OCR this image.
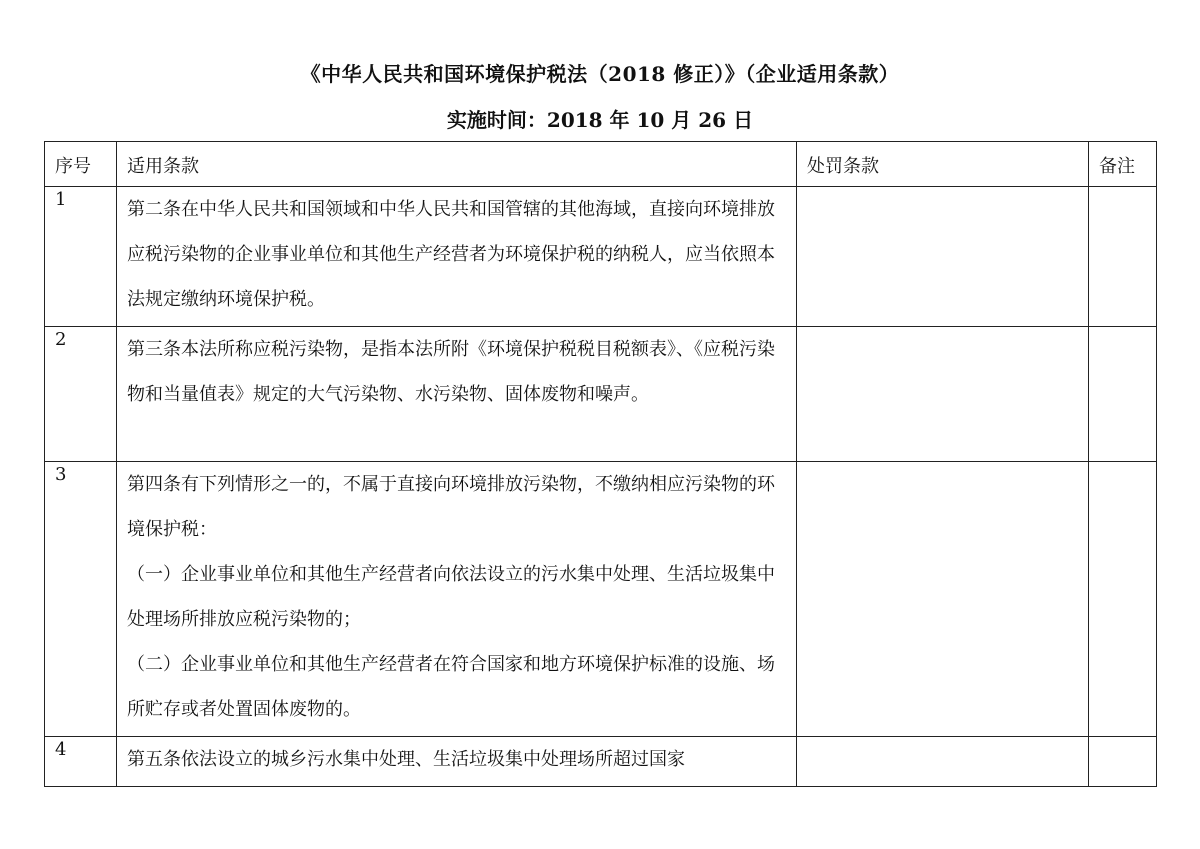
《中华人民共和国环境保护税法（2018 修正）》（企业适用条款）
实施时间：2018 年 10 月 26 日
序号	适用条款	处罚条款	备注

1	第二条在中华人民共和国领域和中华人民共和国管辖的其他海域，直接向环境排放应税污染物的企业事业单位和其他生产经营者为环境保护税的纳税人，应当依照本法规定缴纳环境保护税。		

2	第三条本法所称应税污染物，是指本法所附《环境保护税税目税额表》、《应税污染物和当量值表》规定的大气污染物、水污染物、固体废物和噪声。		

3	第四条有下列情形之一的，不属于直接向环境排放污染物，不缴纳相应污染物的环境保护税：

（一）企业事业单位和其他生产经营者向依法设立的污水集中处理、生活垃圾集中处理场所排放应税污染物的；

（二）企业事业单位和其他生产经营者在符合国家和地方环境保护标准的设施、场所贮存或者处置固体废物的。		

4	第五条依法设立的城乡污水集中处理、生活垃圾集中处理场所超过国家		
